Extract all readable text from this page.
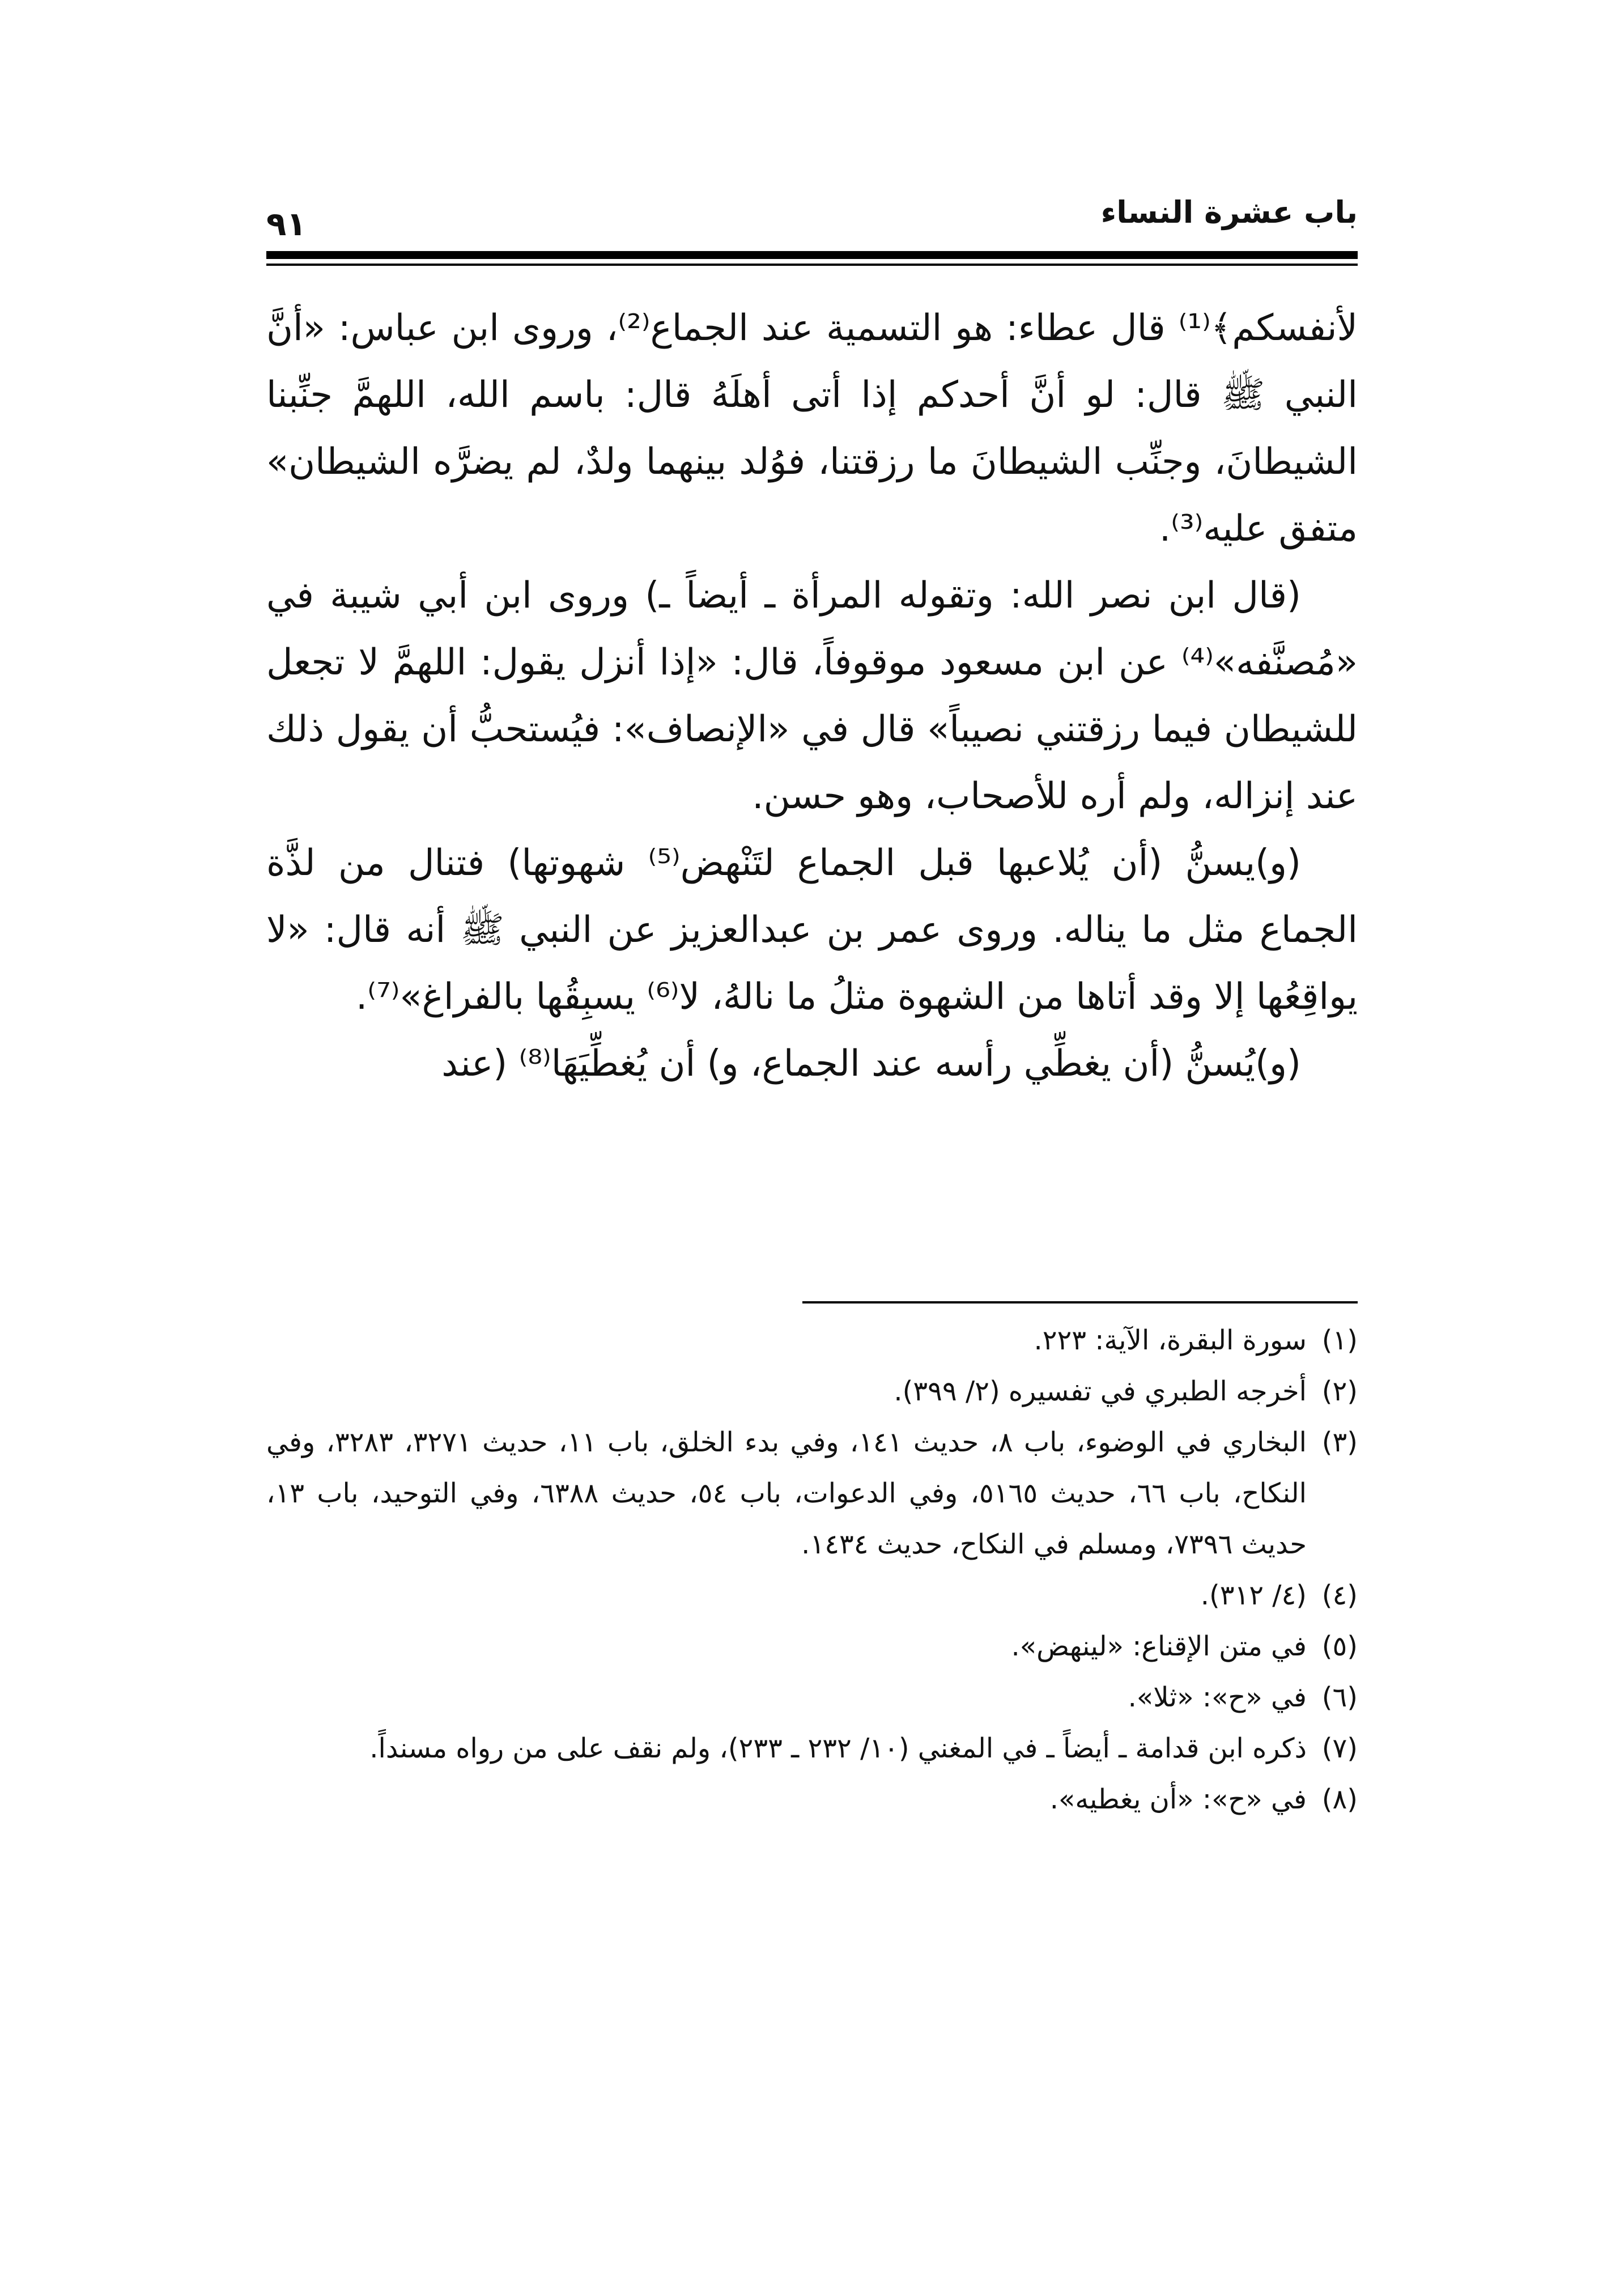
باب عشرة النساء
٩١

لأنفسكم﴾⁽¹⁾ قال عطاء: هو التسمية عند الجماع⁽²⁾، وروى ابن عباس: «أنَّ النبي ﷺ قال: لو أنَّ أحدكم إذا أتى أهلَهُ قال: باسم الله، اللهمَّ جنِّبنا الشيطانَ، وجنِّب الشيطانَ ما رزقتنا، فوُلد بينهما ولدٌ، لم يضرَّه الشيطان» متفق عليه⁽³⁾.

(قال ابن نصر الله: وتقوله المرأة ـ أيضاً ـ) وروى ابن أبي شيبة في «مُصنَّفه»⁽⁴⁾ عن ابن مسعود موقوفاً، قال: «إذا أنزل يقول: اللهمَّ لا تجعل للشيطان فيما رزقتني نصيباً» قال في «الإنصاف»: فيُستحبُّ أن يقول ذلك عند إنزاله، ولم أره للأصحاب، وهو حسن.

(و)يسنُّ (أن يُلاعبها قبل الجماع لتَنْهض⁽⁵⁾ شهوتها) فتنال من لذَّة الجماع مثل ما يناله. وروى عمر بن عبدالعزيز عن النبي ﷺ أنه قال: «لا يواقِعُها إلا وقد أتاها من الشهوة مثلُ ما نالهُ، لا⁽⁶⁾ يسبِقُها بالفراغ»⁽⁷⁾.

(و)يُسنُّ (أن يغطِّي رأسه عند الجماع، و) أن يُغطِّيَهَا⁽⁸⁾ (عند

(١)
سورة البقرة، الآية: ٢٢٣.
(٢)
أخرجه الطبري في تفسيره (٢/ ٣٩٩).
(٣)
البخاري في الوضوء، باب ٨، حديث ١٤١، وفي بدء الخلق، باب ١١، حديث ٣٢٧١، ٣٢٨٣، وفي النكاح، باب ٦٦، حديث ٥١٦٥، وفي الدعوات، باب ٥٤، حديث ٦٣٨٨، وفي التوحيد، باب ١٣، حديث ٧٣٩٦، ومسلم في النكاح، حديث ١٤٣٤.
(٤)
(٤/ ٣١٢).
(٥)
في متن الإقناع: «لينهض».
(٦)
في «ح»: «ثلا».
(٧)
ذكره ابن قدامة ـ أيضاً ـ في المغني (١٠/ ٢٣٢ ـ ٢٣٣)، ولم نقف على من رواه مسنداً.
(٨)
في «ح»: «أن يغطيه».
